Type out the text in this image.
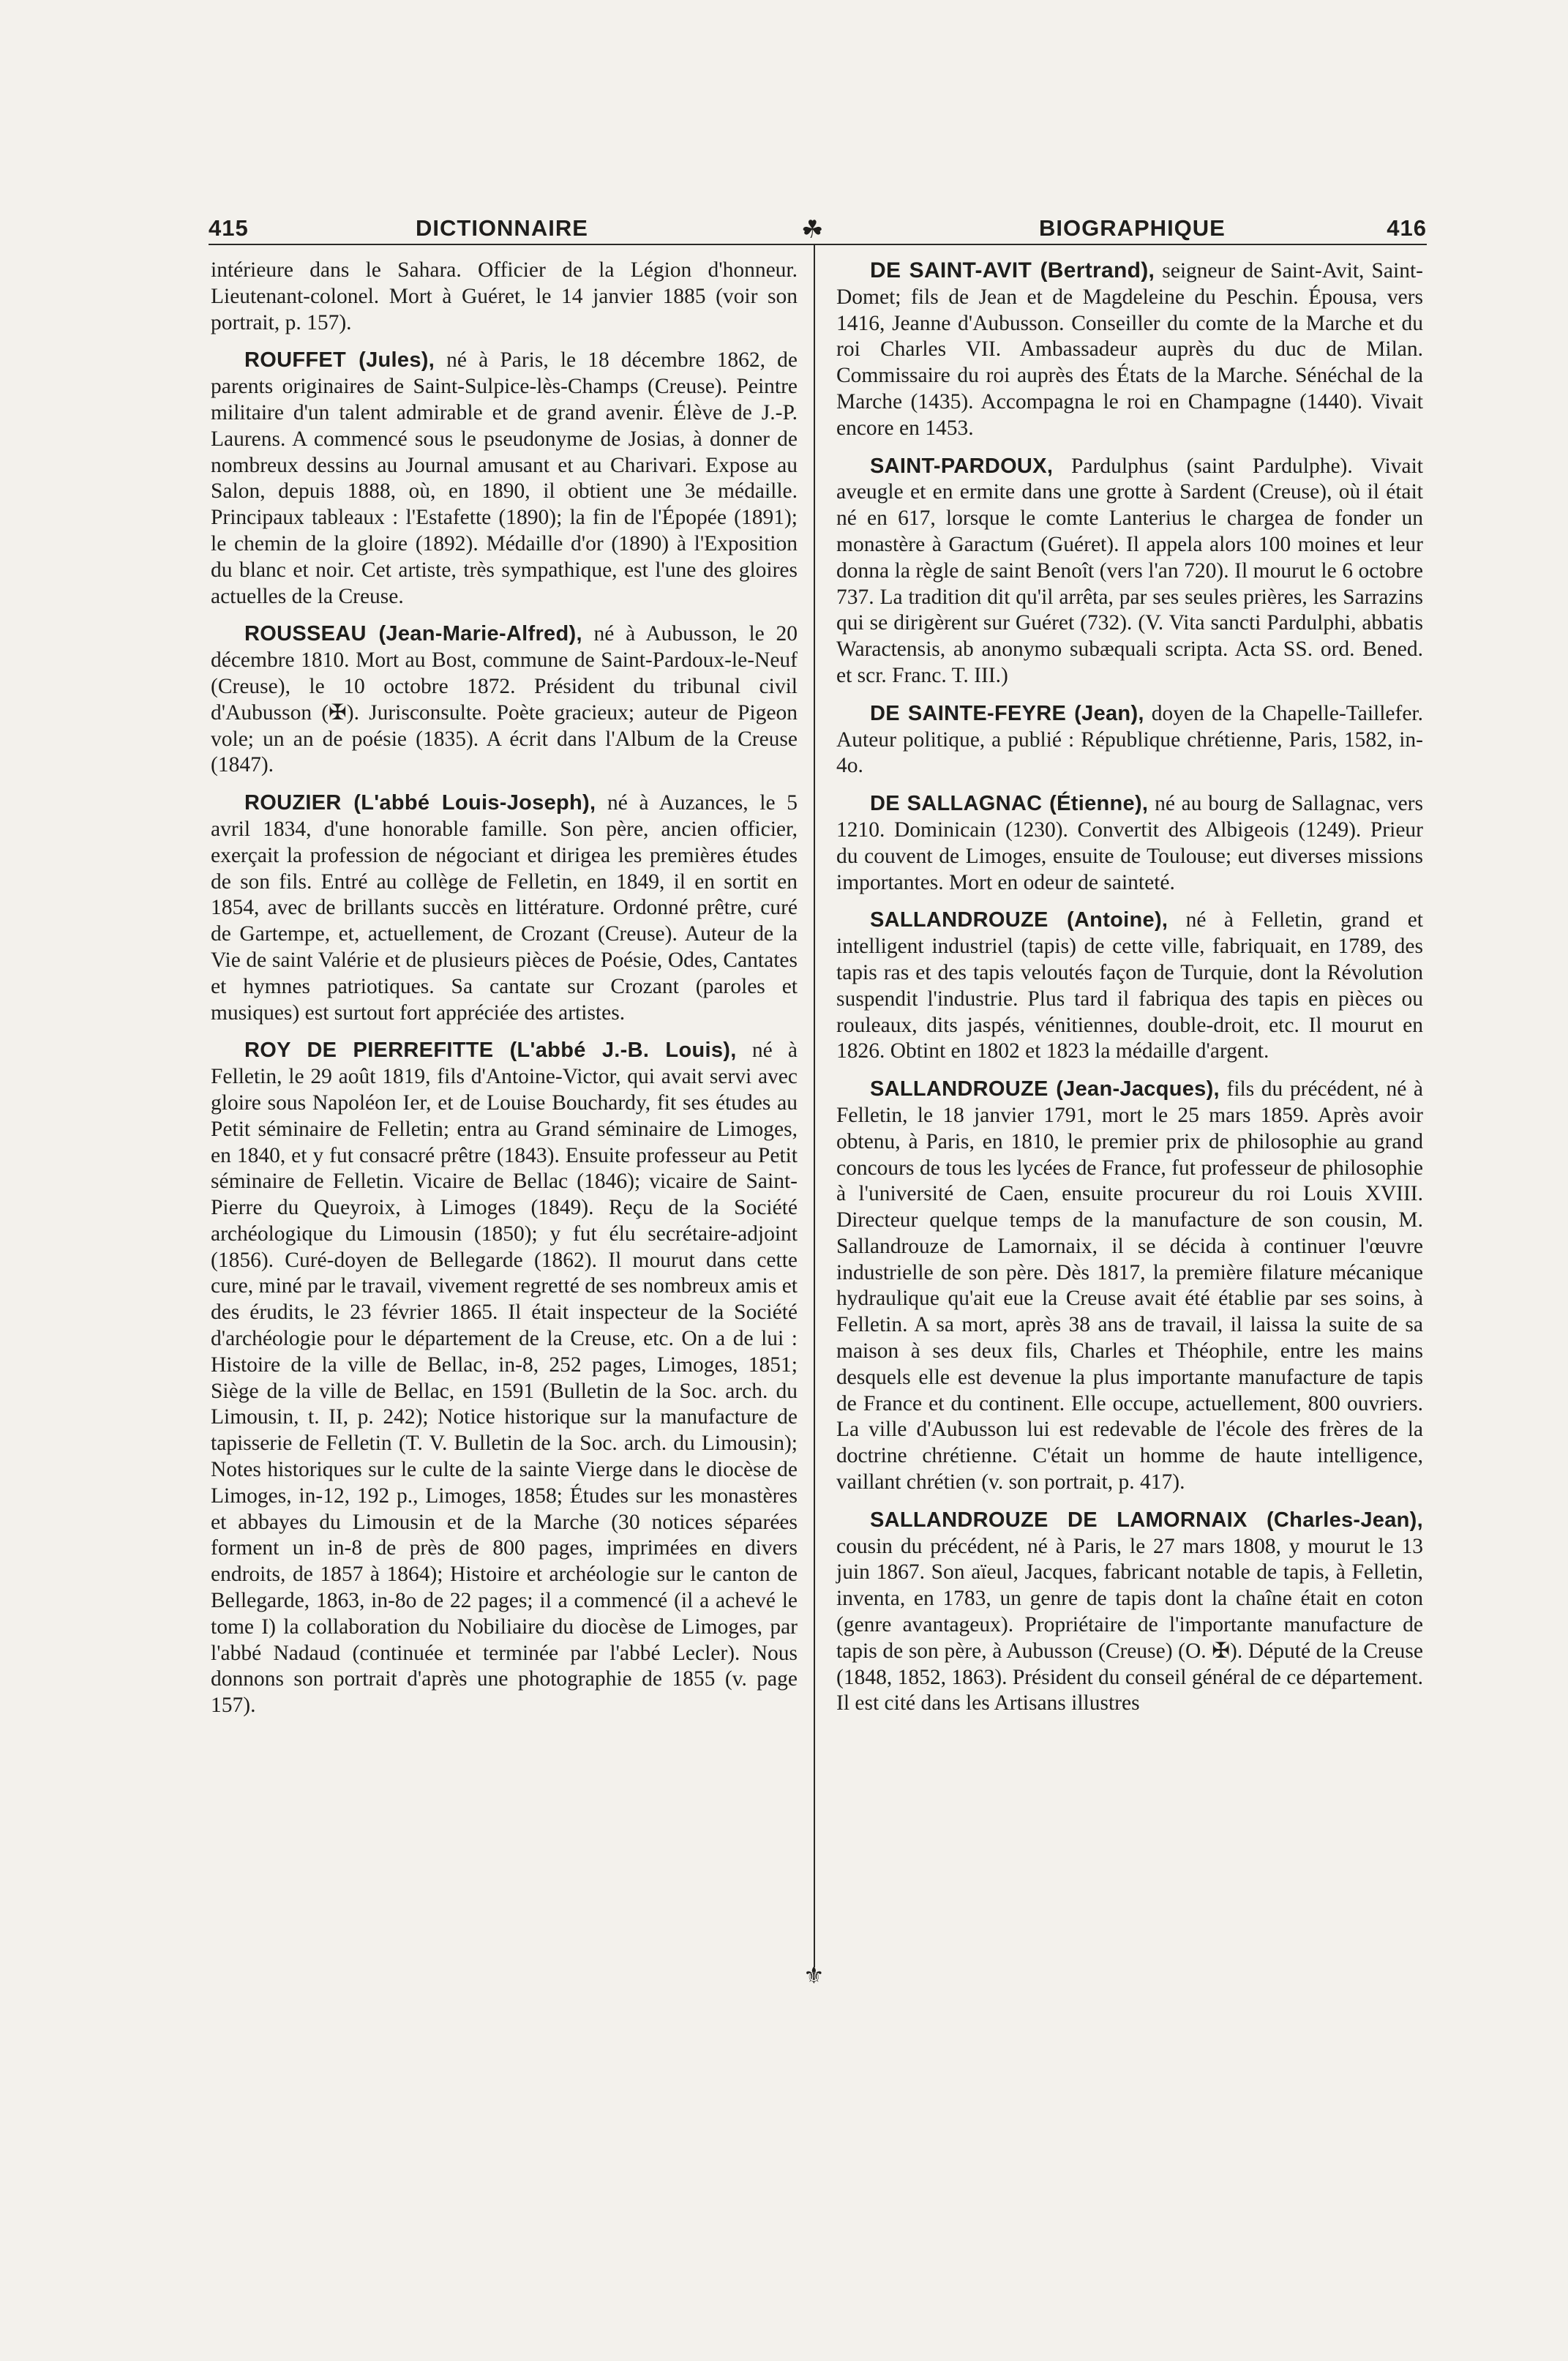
415	DICTIONNAIRE	☘	BIOGRAPHIQUE	416
⚜

intérieure dans le Sahara. Officier de la Légion d'honneur. Lieutenant-colonel. Mort à Guéret, le 14 janvier 1885 (voir son portrait, p. 157).

ROUFFET (Jules), né à Paris, le 18 décembre 1862, de parents originaires de Saint-Sulpice-lès-Champs (Creuse). Peintre militaire d'un talent admirable et de grand avenir. Élève de J.-P. Laurens. A commencé sous le pseudonyme de Josias, à donner de nombreux dessins au Journal amusant et au Charivari. Expose au Salon, depuis 1888, où, en 1890, il obtient une 3e médaille. Principaux tableaux : l'Estafette (1890); la fin de l'Épopée (1891); le chemin de la gloire (1892). Médaille d'or (1890) à l'Exposition du blanc et noir. Cet artiste, très sympathique, est l'une des gloires actuelles de la Creuse.

ROUSSEAU (Jean-Marie-Alfred), né à Aubusson, le 20 décembre 1810. Mort au Bost, commune de Saint-Pardoux-le-Neuf (Creuse), le 10 octobre 1872. Président du tribunal civil d'Aubusson (✠). Jurisconsulte. Poète gracieux; auteur de Pigeon vole; un an de poésie (1835). A écrit dans l'Album de la Creuse (1847).

ROUZIER (L'abbé Louis-Joseph), né à Auzances, le 5 avril 1834, d'une honorable famille. Son père, ancien officier, exerçait la profession de négociant et dirigea les premières études de son fils. Entré au collège de Felletin, en 1849, il en sortit en 1854, avec de brillants succès en littérature. Ordonné prêtre, curé de Gartempe, et, actuellement, de Crozant (Creuse). Auteur de la Vie de saint Valérie et de plusieurs pièces de Poésie, Odes, Cantates et hymnes patriotiques. Sa cantate sur Crozant (paroles et musiques) est surtout fort appréciée des artistes.

ROY DE PIERREFITTE (L'abbé J.-B. Louis), né à Felletin, le 29 août 1819, fils d'Antoine-Victor, qui avait servi avec gloire sous Napoléon Ier, et de Louise Bouchardy, fit ses études au Petit séminaire de Felletin; entra au Grand séminaire de Limoges, en 1840, et y fut consacré prêtre (1843). Ensuite professeur au Petit séminaire de Felletin. Vicaire de Bellac (1846); vicaire de Saint-Pierre du Queyroix, à Limoges (1849). Reçu de la Société archéologique du Limousin (1850); y fut élu secrétaire-adjoint (1856). Curé-doyen de Bellegarde (1862). Il mourut dans cette cure, miné par le travail, vivement regretté de ses nombreux amis et des érudits, le 23 février 1865. Il était inspecteur de la Société d'archéologie pour le département de la Creuse, etc. On a de lui : Histoire de la ville de Bellac, in-8, 252 pages, Limoges, 1851; Siège de la ville de Bellac, en 1591 (Bulletin de la Soc. arch. du Limousin, t. II, p. 242); Notice historique sur la manufacture de tapisserie de Felletin (T. V. Bulletin de la Soc. arch. du Limousin); Notes historiques sur le culte de la sainte Vierge dans le diocèse de Limoges, in-12, 192 p., Limoges, 1858; Études sur les monastères et abbayes du Limousin et de la Marche (30 notices séparées forment un in-8 de près de 800 pages, imprimées en divers endroits, de 1857 à 1864); Histoire et archéologie sur le canton de Bellegarde, 1863, in-8o de 22 pages; il a commencé (il a achevé le tome I) la collaboration du Nobiliaire du diocèse de Limoges, par l'abbé Nadaud (continuée et terminée par l'abbé Lecler). Nous donnons son portrait d'après une photographie de 1855 (v. page 157).

DE SAINT-AVIT (Bertrand), seigneur de Saint-Avit, Saint-Domet; fils de Jean et de Magdeleine du Peschin. Épousa, vers 1416, Jeanne d'Aubusson. Conseiller du comte de la Marche et du roi Charles VII. Ambassadeur auprès du duc de Milan. Commissaire du roi auprès des États de la Marche. Sénéchal de la Marche (1435). Accompagna le roi en Champagne (1440). Vivait encore en 1453.

SAINT-PARDOUX, Pardulphus (saint Pardulphe). Vivait aveugle et en ermite dans une grotte à Sardent (Creuse), où il était né en 617, lorsque le comte Lanterius le chargea de fonder un monastère à Garactum (Guéret). Il appela alors 100 moines et leur donna la règle de saint Benoît (vers l'an 720). Il mourut le 6 octobre 737. La tradition dit qu'il arrêta, par ses seules prières, les Sarrazins qui se dirigèrent sur Guéret (732). (V. Vita sancti Pardulphi, abbatis Waractensis, ab anonymo subæquali scripta. Acta SS. ord. Bened. et scr. Franc. T. III.)

DE SAINTE-FEYRE (Jean), doyen de la Chapelle-Taillefer. Auteur politique, a publié : République chrétienne, Paris, 1582, in-4o.

DE SALLAGNAC (Étienne), né au bourg de Sallagnac, vers 1210. Dominicain (1230). Convertit des Albigeois (1249). Prieur du couvent de Limoges, ensuite de Toulouse; eut diverses missions importantes. Mort en odeur de sainteté.

SALLANDROUZE (Antoine), né à Felletin, grand et intelligent industriel (tapis) de cette ville, fabriquait, en 1789, des tapis ras et des tapis veloutés façon de Turquie, dont la Révolution suspendit l'industrie. Plus tard il fabriqua des tapis en pièces ou rouleaux, dits jaspés, vénitiennes, double-droit, etc. Il mourut en 1826. Obtint en 1802 et 1823 la médaille d'argent.

SALLANDROUZE (Jean-Jacques), fils du précédent, né à Felletin, le 18 janvier 1791, mort le 25 mars 1859. Après avoir obtenu, à Paris, en 1810, le premier prix de philosophie au grand concours de tous les lycées de France, fut professeur de philosophie à l'université de Caen, ensuite procureur du roi Louis XVIII. Directeur quelque temps de la manufacture de son cousin, M. Sallandrouze de Lamornaix, il se décida à continuer l'œuvre industrielle de son père. Dès 1817, la première filature mécanique hydraulique qu'ait eue la Creuse avait été établie par ses soins, à Felletin. A sa mort, après 38 ans de travail, il laissa la suite de sa maison à ses deux fils, Charles et Théophile, entre les mains desquels elle est devenue la plus importante manufacture de tapis de France et du continent. Elle occupe, actuellement, 800 ouvriers. La ville d'Aubusson lui est redevable de l'école des frères de la doctrine chrétienne. C'était un homme de haute intelligence, vaillant chrétien (v. son portrait, p. 417).

SALLANDROUZE DE LAMORNAIX (Charles-Jean), cousin du précédent, né à Paris, le 27 mars 1808, y mourut le 13 juin 1867. Son aïeul, Jacques, fabricant notable de tapis, à Felletin, inventa, en 1783, un genre de tapis dont la chaîne était en coton (genre avantageux). Propriétaire de l'importante manufacture de tapis de son père, à Aubusson (Creuse) (O. ✠). Député de la Creuse (1848, 1852, 1863). Président du conseil général de ce département. Il est cité dans les Artisans illustres
